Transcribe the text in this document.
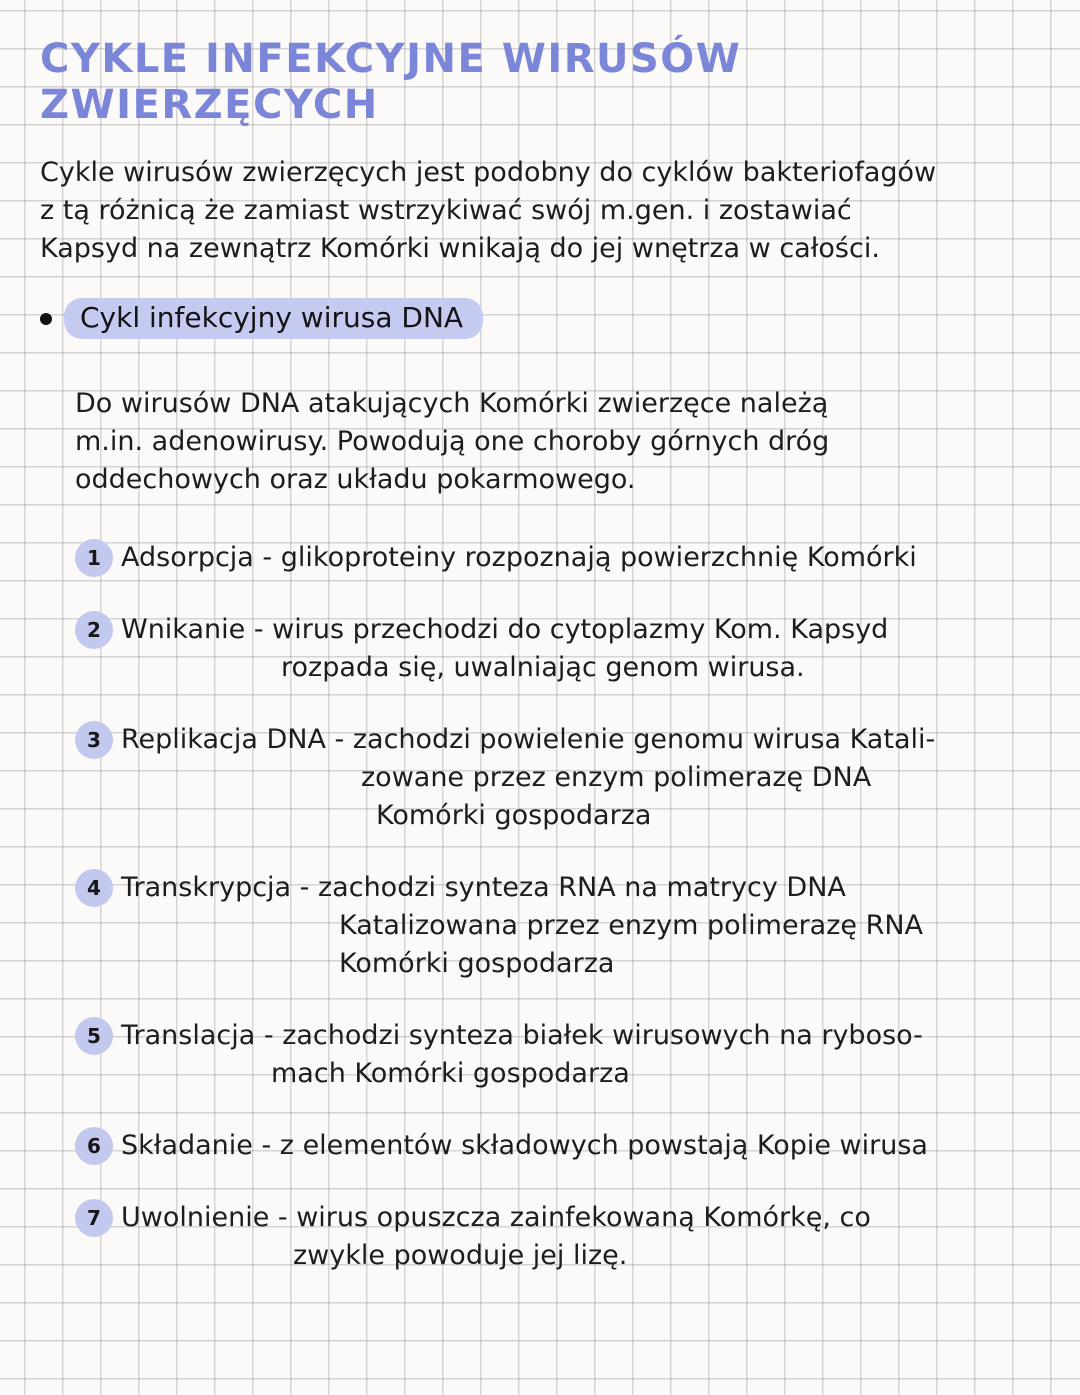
CYKLE INFEKCYJNE WIRUSÓW ZWIERZĘCYCH
Cykle wirusów zwierzęcych jest podobny do cyklów bakteriofagów
z tą różnicą że zamiast wstrzykiwać swój m.gen. i zostawiać
Kapsyd na zewnątrz Komórki wnikają do jej wnętrza w całości.
Cykl infekcyjny wirusa DNA
Do wirusów DNA atakujących Komórki zwierzęce należą
m.in. adenowirusy. Powodują one choroby górnych dróg
oddechowych oraz układu pokarmowego.
1 Adsorpcja - glikoproteiny rozpoznają powierzchnię Komórki
2 Wnikanie - wirus przechodzi do cytoplazmy Kom. Kapsyd
rozpada się, uwalniając genom wirusa.
3 Replikacja DNA - zachodzi powielenie genomu wirusa Katali-
zowane przez enzym polimerazę DNA
Komórki gospodarza
4 Transkrypcja - zachodzi synteza RNA na matrycy DNA
Katalizowana przez enzym polimerazę RNA
Komórki gospodarza
5 Translacja - zachodzi synteza białek wirusowych na ryboso-
mach Komórki gospodarza
6 Składanie - z elementów składowych powstają Kopie wirusa
7 Uwolnienie - wirus opuszcza zainfekowaną Komórkę, co
zwykle powoduje jej lizę.
